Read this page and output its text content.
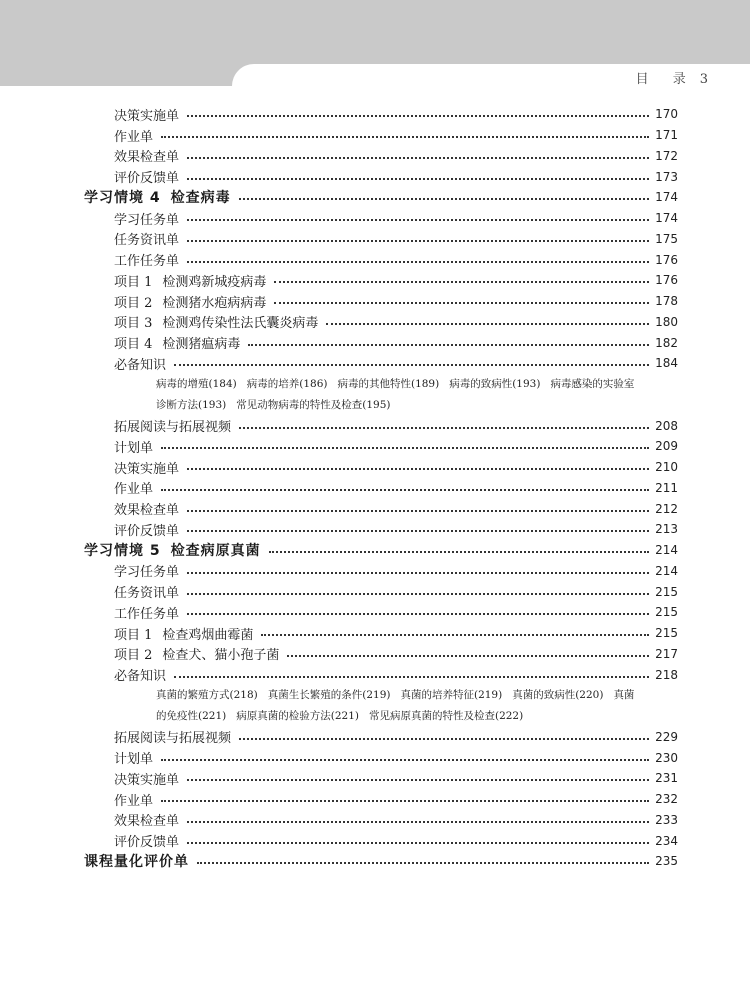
目 录 3
决策实施单	170
作业单	171
效果检查单	172
评价反馈单	173
学习情境 4 检查病毒	174
学习任务单	174
任务资讯单	175
工作任务单	176
项目 1 检测鸡新城疫病毒	176
项目 2 检测猪水疱病病毒	178
项目 3 检测鸡传染性法氏囊炎病毒	180
项目 4 检测猪瘟病毒	182
必备知识	184
病毒的增殖(184) 病毒的培养(186) 病毒的其他特性(189) 病毒的致病性(193) 病毒感染的实验室诊断方法(193) 常见动物病毒的特性及检查(195)
拓展阅读与拓展视频	208
计划单	209
决策实施单	210
作业单	211
效果检查单	212
评价反馈单	213
学习情境 5 检查病原真菌	214
学习任务单	214
任务资讯单	215
工作任务单	215
项目 1 检查鸡烟曲霉菌	215
项目 2 检查犬、猫小孢子菌	217
必备知识	218
真菌的繁殖方式(218) 真菌生长繁殖的条件(219) 真菌的培养特征(219) 真菌的致病性(220) 真菌的免疫性(221) 病原真菌的检验方法(221) 常见病原真菌的特性及检查(222)
拓展阅读与拓展视频	229
计划单	230
决策实施单	231
作业单	232
效果检查单	233
评价反馈单	234
课程量化评价单	235
